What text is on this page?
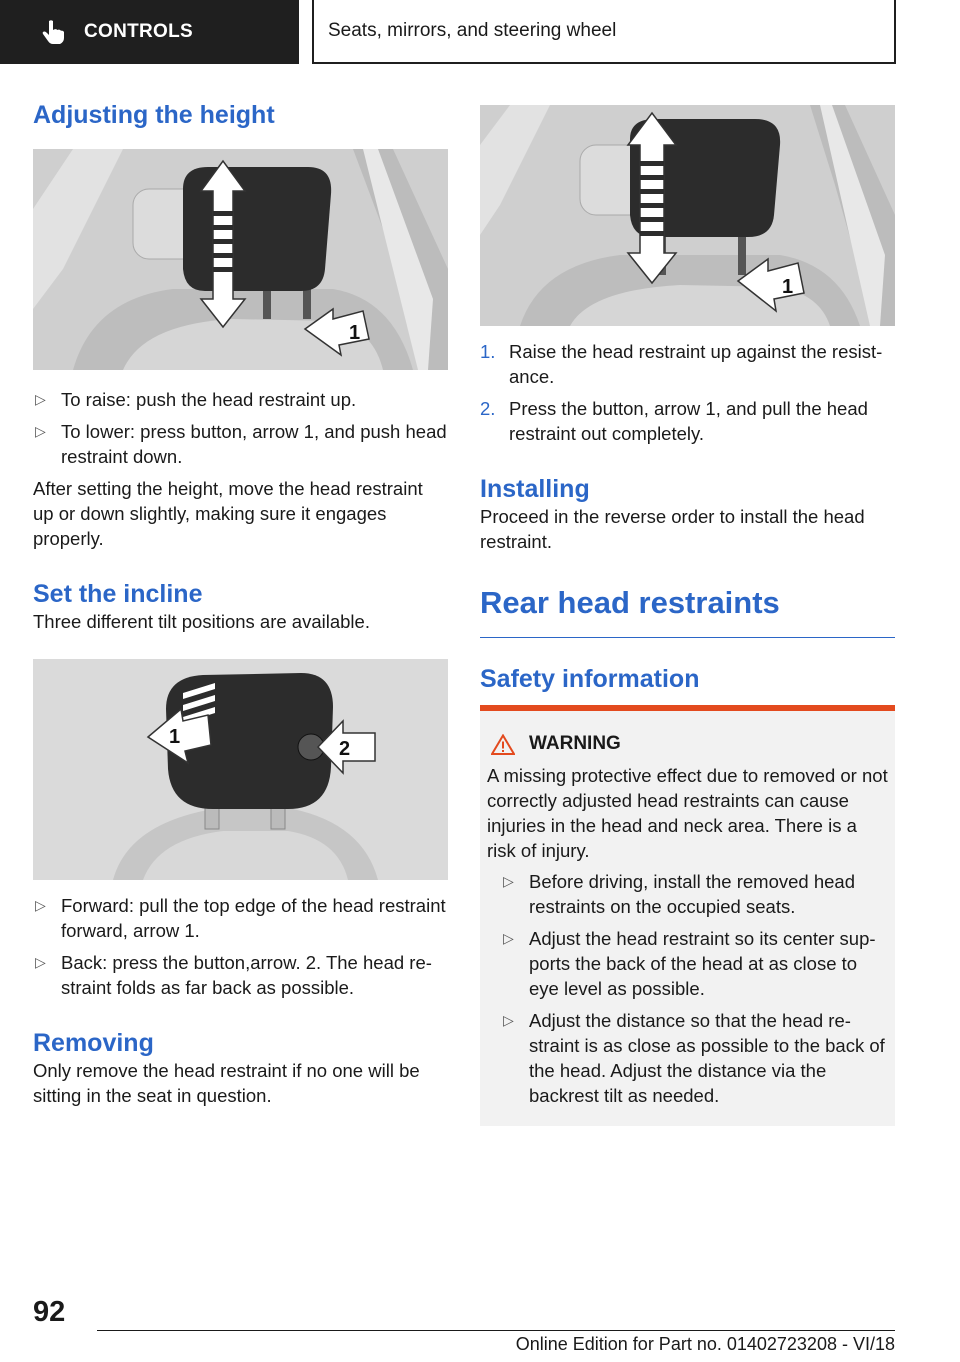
CONTROLS	Seats, mirrors, and steering wheel
Adjusting the height
1
▷ To raise: push the head restraint up.
▷ To lower: press button, arrow 1, and push head restraint down.

After setting the height, move the head restraint up or down slightly, making sure it engages properly.

Set the incline

Three different tilt positions are available.

1
2
▷ Forward: pull the top edge of the head restraint forward, arrow 1.
▷ Back: press the button,arrow. 2. The head restraint folds as far back as possible.
Removing

Only remove the head restraint if no one will be sitting in the seat in question.

1
1. Raise the head restraint up against the resistance.
2. Press the button, arrow 1, and pull the head restraint out completely.
Installing

Proceed in the reverse order to install the head restraint.

Rear head restraints
Safety information
WARNING

A missing protective effect due to removed or not correctly adjusted head restraints can cause injuries in the head and neck area. There is a risk of injury.

▷ Before driving, install the removed head restraints on the occupied seats.
▷ Adjust the head restraint so its center supports the back of the head at as close to eye level as possible.
▷ Adjust the distance so that the head restraint is as close as possible to the back of the head. Adjust the distance via the backrest tilt as needed.
92
Online Edition for Part no. 01402723208 - VI/18
